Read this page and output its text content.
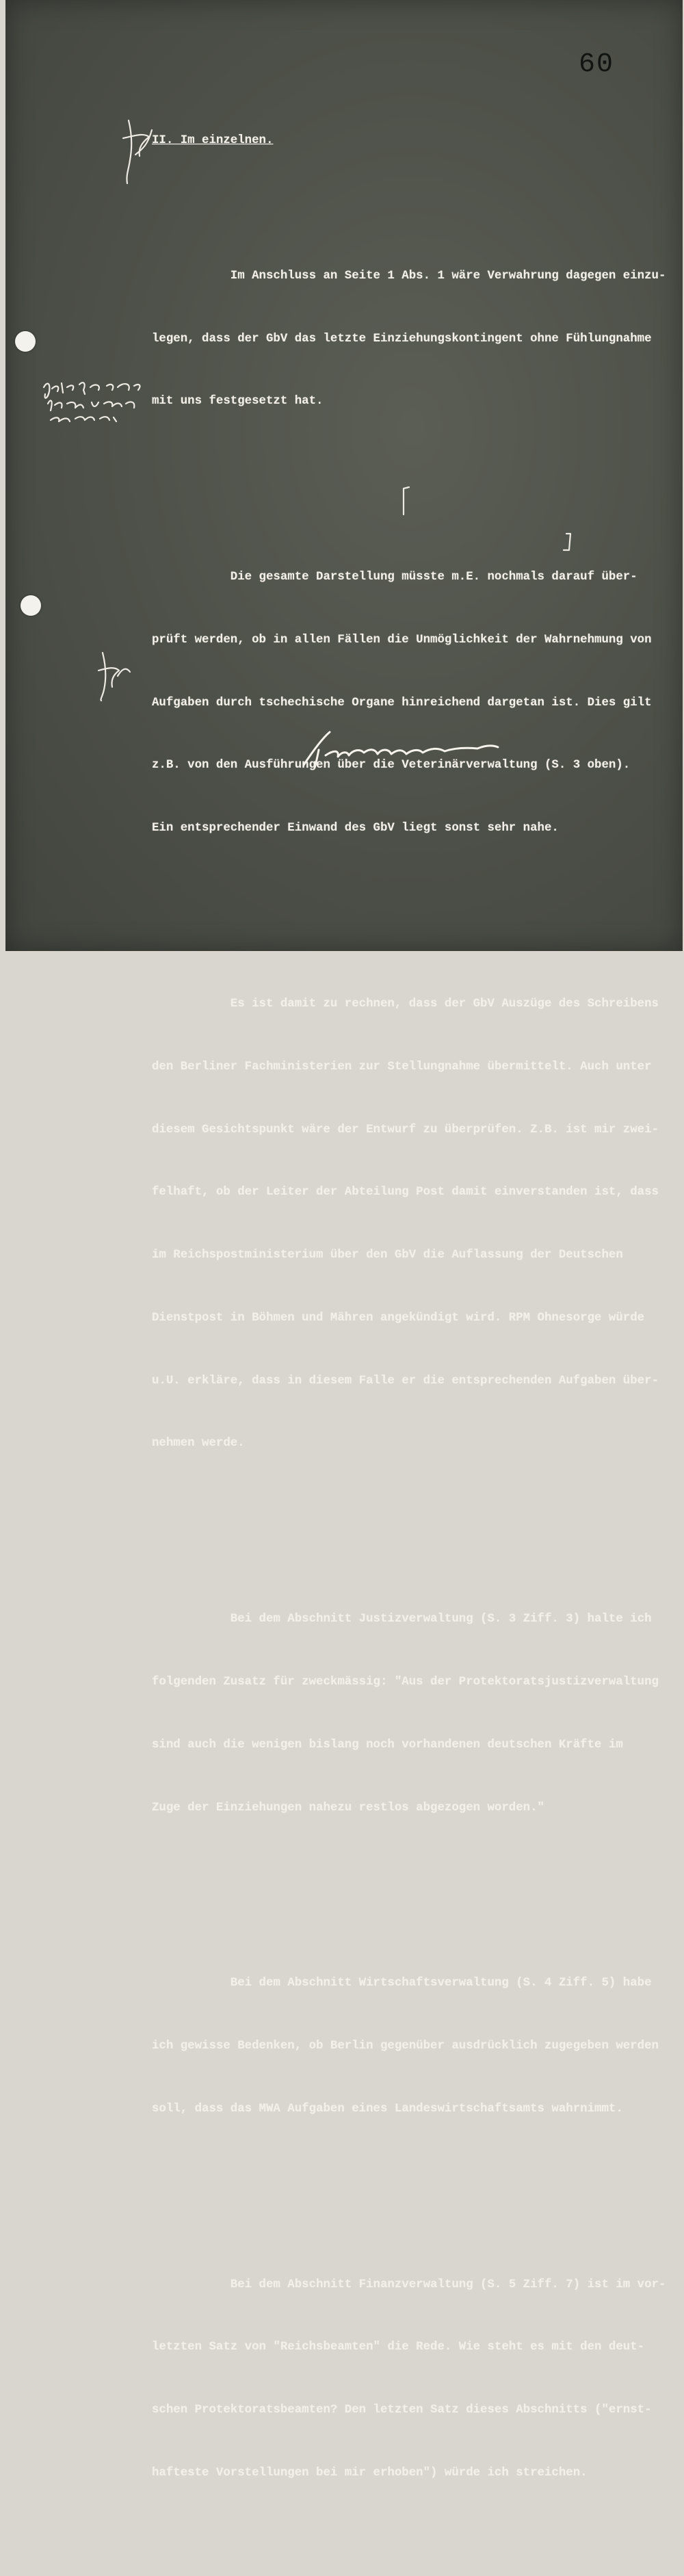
60

II. Im einzelnen.

Im Anschluss an Seite 1 Abs. 1 wäre Verwahrung dagegen einzu-

legen, dass der GbV das letzte Einziehungskontingent ohne Fühlungnahme

mit uns festgesetzt hat.

Die gesamte Darstellung müsste m.E. nochmals darauf über-

prüft werden, ob in allen Fällen die Unmöglichkeit der Wahrnehmung von

Aufgaben durch tschechische Organe hinreichend dargetan ist. Dies gilt

z.B. von den Ausführungen über die Veterinärverwaltung (S. 3 oben).

Ein entsprechender Einwand des GbV liegt sonst sehr nahe.

Es ist damit zu rechnen, dass der GbV Auszüge des Schreibens

den Berliner Fachministerien zur Stellungnahme übermittelt. Auch unter

diesem Gesichtspunkt wäre der Entwurf zu überprüfen. Z.B. ist mir zwei-

felhaft, ob der Leiter der Abteilung Post damit einverstanden ist, dass

im Reichspostministerium über den GbV die Auflassung der Deutschen

Dienstpost in Böhmen und Mähren angekündigt wird. RPM Ohnesorge würde

u.U. erkläre, dass in diesem Falle er die entsprechenden Aufgaben über-

nehmen werde.

Bei dem Abschnitt Justizverwaltung (S. 3 Ziff. 3) halte ich

folgenden Zusatz für zweckmässig: "Aus der Protektoratsjustizverwaltung

sind auch die wenigen bislang noch vorhandenen deutschen Kräfte im

Zuge der Einziehungen nahezu restlos abgezogen worden."

Bei dem Abschnitt Wirtschaftsverwaltung (S. 4 Ziff. 5) habe

ich gewisse Bedenken, ob Berlin gegenüber ausdrücklich zugegeben werden

soll, dass das MWA Aufgaben eines Landeswirtschaftsamts wahrnimmt.

Bei dem Abschnitt Finanzverwaltung (S. 5 Ziff. 7) ist im vor-

letzten Satz von "Reichsbeamten" die Rede. Wie steht es mit den deut-

schen Protektoratsbeamten? Den letzten Satz dieses Abschnitts ("ernst-

hafteste Vorstellungen bei mir erhoben") würde ich streichen.
